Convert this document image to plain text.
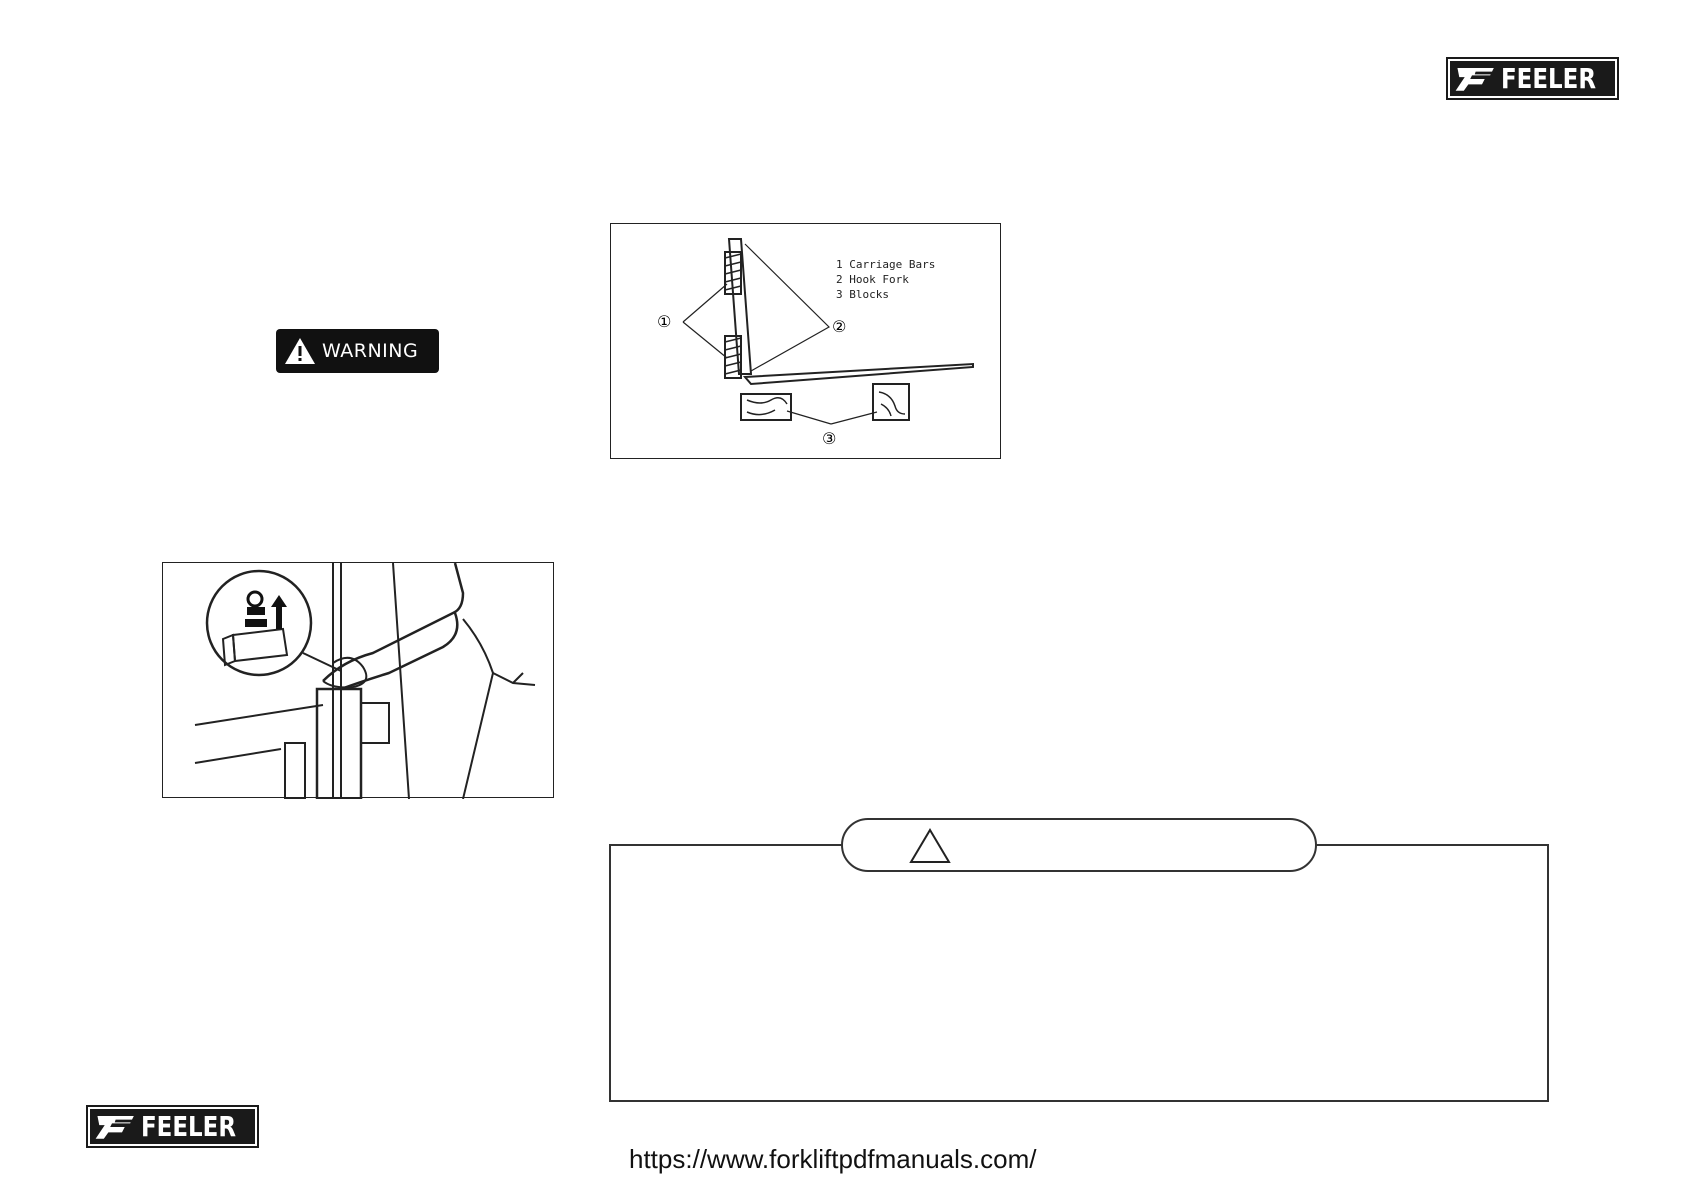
FEELER
WARNING
①	②
③
1 Carriage Bars
2 Hook Fork
3 Blocks
FEELER
https://www.forkliftpdfmanuals.com/
